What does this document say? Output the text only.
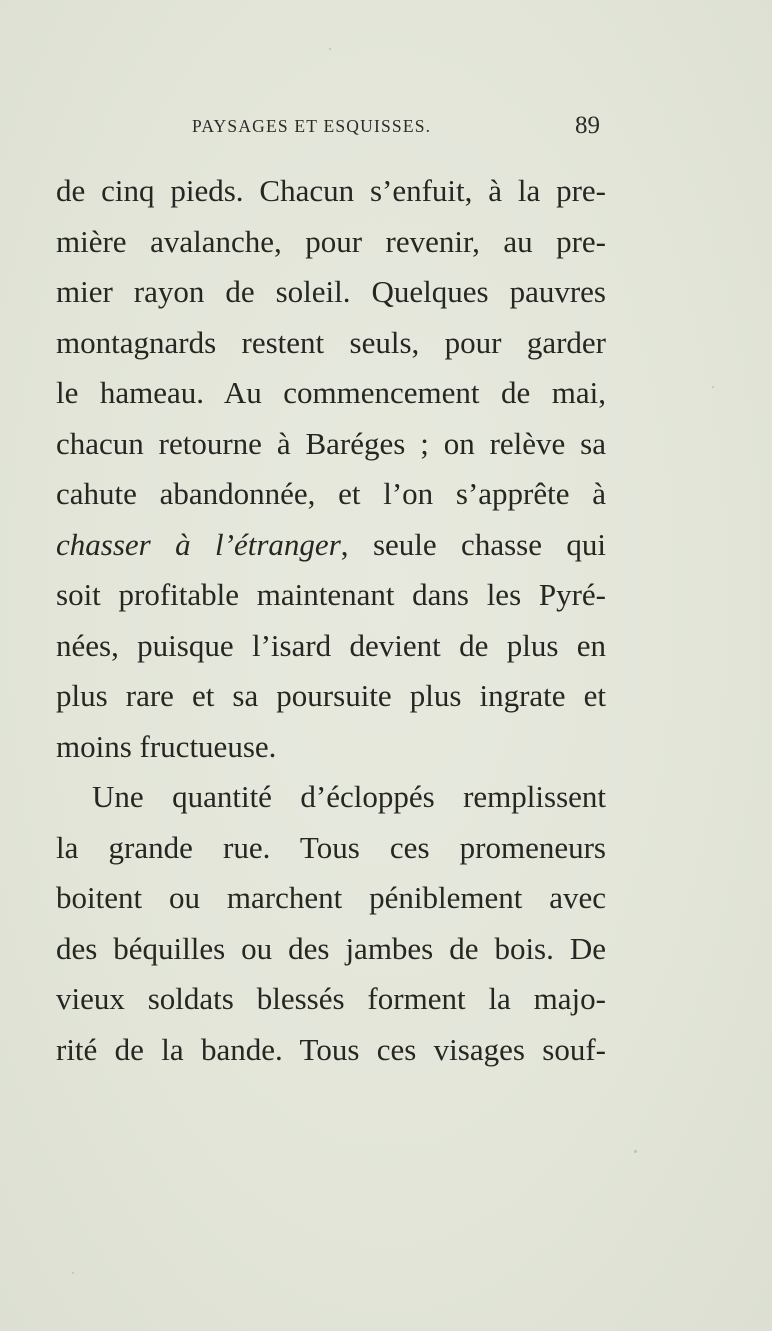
PAYSAGES ET ESQUISSES.	89
de cinq pieds. Chacun s’enfuit, à la pre-
mière avalanche, pour revenir, au pre-
mier rayon de soleil. Quelques pauvres
montagnards restent seuls, pour garder
le hameau. Au commencement de mai,
chacun retourne à Baréges ; on relève sa
cahute abandonnée, et l’on s’apprête à
chasser à l’étranger, seule chasse qui
soit profitable maintenant dans les Pyré-
nées, puisque l’isard devient de plus en
plus rare et sa poursuite plus ingrate et
moins fructueuse.
Une quantité d’écloppés remplissent
la grande rue. Tous ces promeneurs
boitent ou marchent péniblement avec
des béquilles ou des jambes de bois. De
vieux soldats blessés forment la majo-
rité de la bande. Tous ces visages souf-
